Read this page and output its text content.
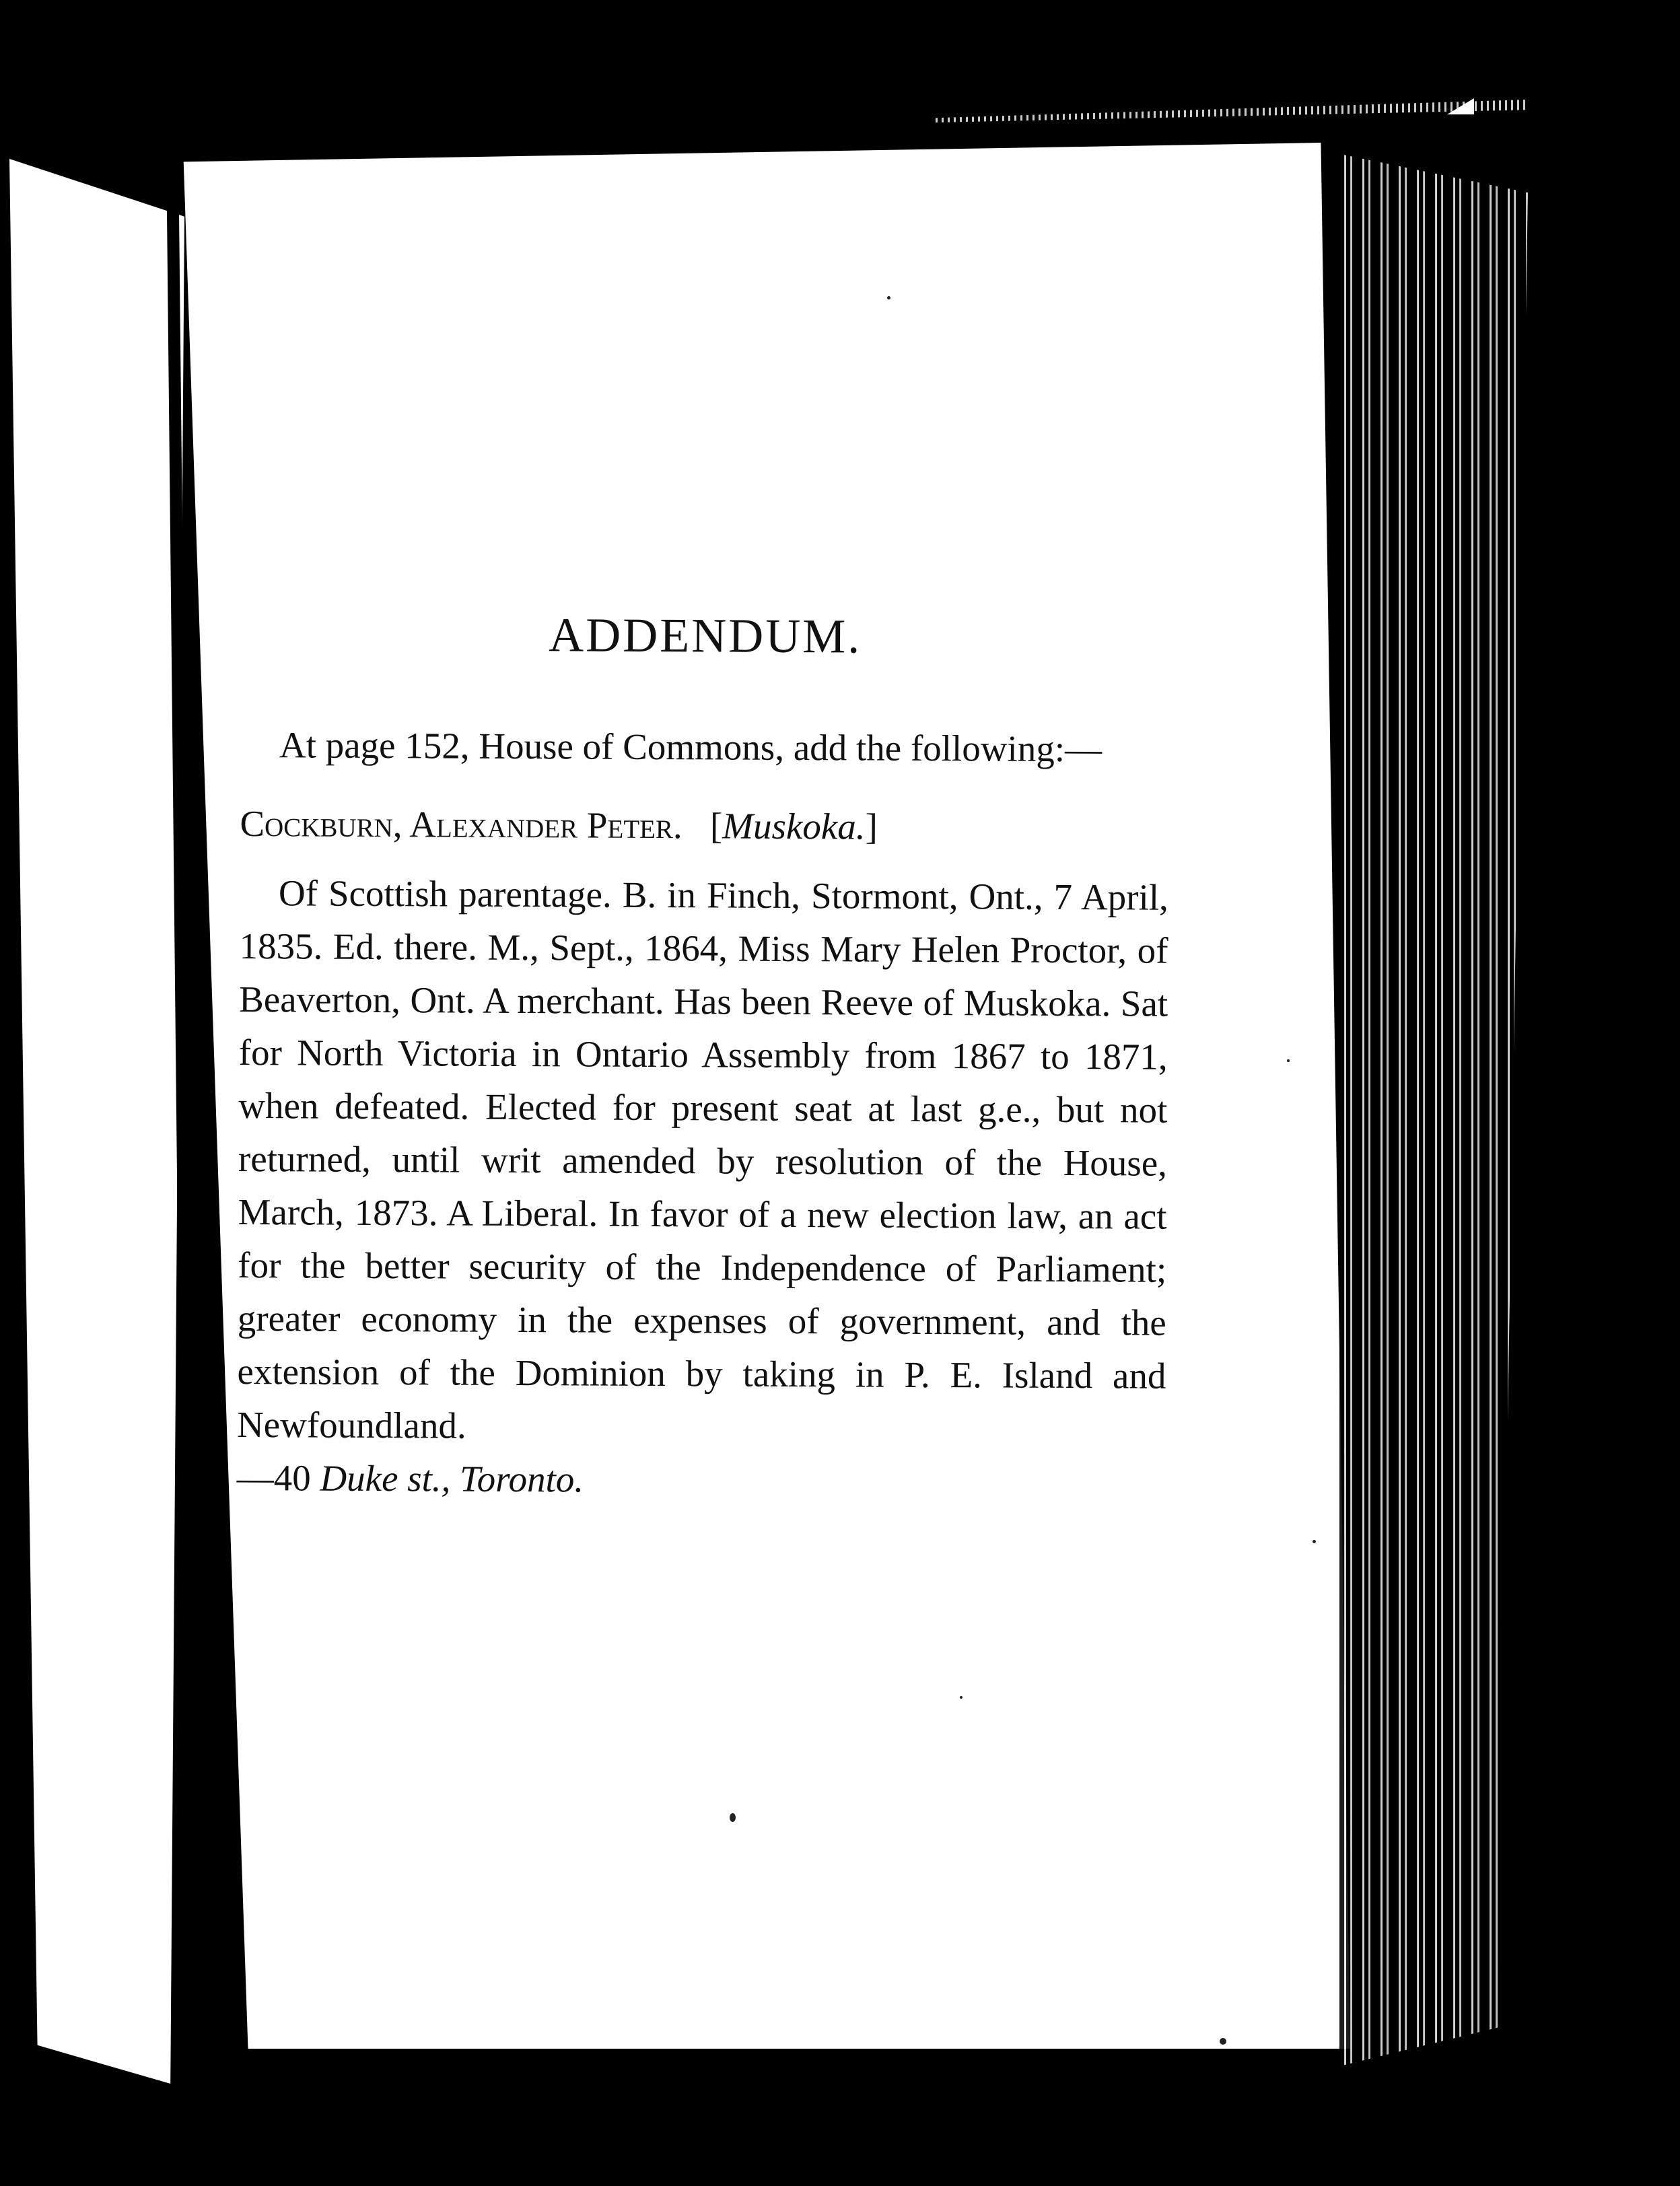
ADDENDUM.

At page 152, House of Commons, add the following:—

Cockburn, Alexander Peter.   [Muskoka.]

Of Scottish parentage. B. in Finch, Stormont, Ont., 7 April, 1835. Ed. there. M., Sept., 1864, Miss Mary Helen Proctor, of Beaverton, Ont. A merchant. Has been Reeve of Muskoka. Sat for North Victoria in Ontario Assembly from 1867 to 1871, when defeated. Elected for present seat at last g.e., but not returned, until writ amended by resolution of the House, March, 1873. A Liberal. In favor of a new election law, an act for the better security of the Independence of Parliament; greater economy in the expenses of government, and the extension of the Dominion by taking in P. E. Island and Newfoundland.

—40 Duke st., Toronto.
